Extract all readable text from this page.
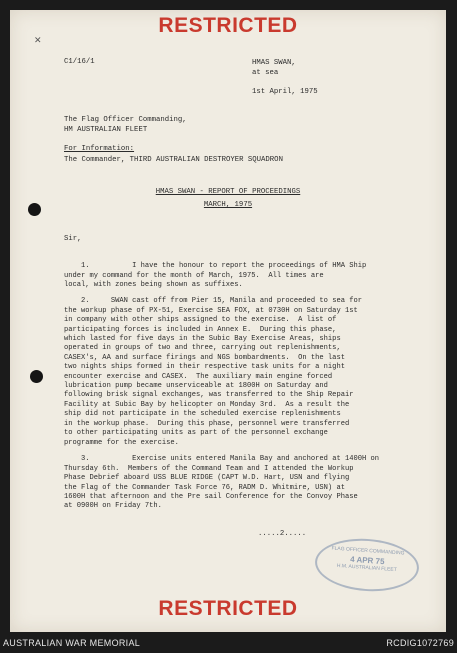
RESTRICTED
✕
C1/16/1	HMAS SWAN,
at sea
1st April, 1975
The Flag Officer Commanding,
HM AUSTRALIAN FLEET
For Information:
The Commander, THIRD AUSTRALIAN DESTROYER SQUADRON
HMAS SWAN - REPORT OF PROCEEDINGS
MARCH, 1975
Sir,

1.	I have the honour to report the proceedings of HMA Ship
under my command for the month of March, 1975.  All times are
local, with zones being shown as suffixes.

2.	SWAN cast off from Pier 15, Manila and proceeded to sea for
the workup phase of PX-51, Exercise SEA FOX, at 0730H on Saturday 1st
in company with other ships assigned to the exercise.  A list of
participating forces is included in Annex E.  During this phase,
which lasted for five days in the Subic Bay Exercise Areas, ships
operated in groups of two and three, carrying out replenishments,
CASEX's, AA and surface firings and NGS bombardments.  On the last
two nights ships formed in their respective task units for a night
encounter exercise and CASEX.  The auxiliary main engine forced
lubrication pump became unserviceable at 1800H on Saturday and
following brisk signal exchanges, was transferred to the Ship Repair
Facility at Subic Bay by helicopter on Monday 3rd.  As a result the
ship did not participate in the scheduled exercise replenishments
in the workup phase.  During this phase, personnel were transferred
to other participating units as part of the personnel exchange
programme for the exercise.

3.	Exercise units entered Manila Bay and anchored at 1400H on
Thursday 6th.  Members of the Command Team and I attended the Workup
Phase Debrief aboard USS BLUE RIDGE (CAPT W.D. Hart, USN and flying
the Flag of the Commander Task Force 76, RADM D. Whitmire, USN) at
1600H that afternoon and the Pre sail Conference for the Convoy Phase
at 0900H on Friday 7th.

.....2.....
FLAG OFFICER COMMANDING
4 APR 75
H.M. AUSTRALIAN FLEET
RESTRICTED
AUSTRALIAN WAR MEMORIAL	RCDIG1072769
